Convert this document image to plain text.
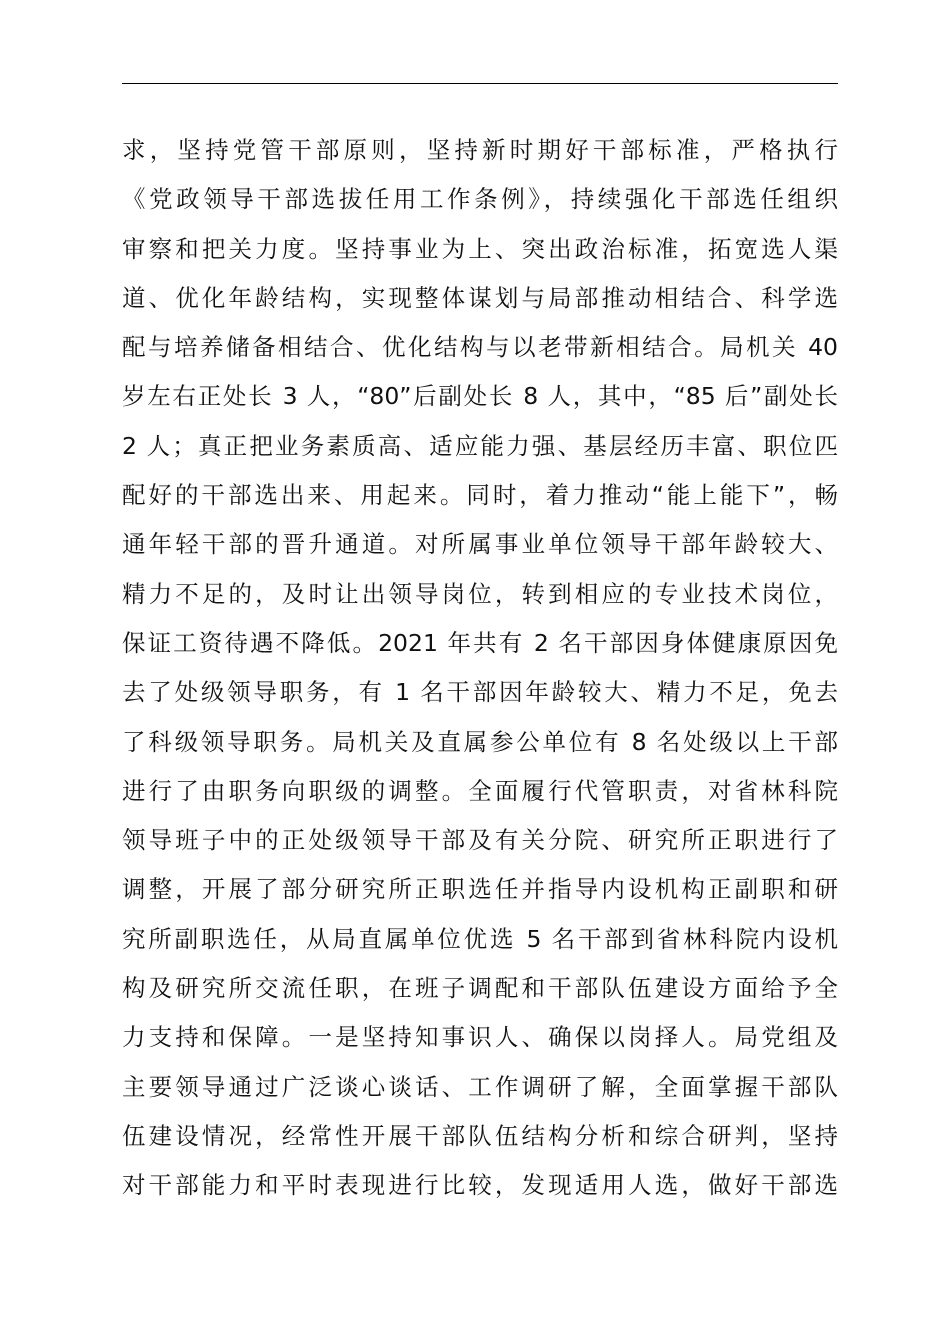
求，坚持党管干部原则，坚持新时期好干部标准，严格执行
《党政领导干部选拔任用工作条例》，持续强化干部选任组织
审察和把关力度。坚持事业为上、突出政治标准，拓宽选人渠
道、优化年龄结构，实现整体谋划与局部推动相结合、科学选
配与培养储备相结合、优化结构与以老带新相结合。局机关 40
岁左右正处长 3 人，“80”后副处长 8 人，其中，“85 后”副处长
2 人；真正把业务素质高、适应能力强、基层经历丰富、职位匹
配好的干部选出来、用起来。同时，着力推动“能上能下”，畅
通年轻干部的晋升通道。对所属事业单位领导干部年龄较大、
精力不足的，及时让出领导岗位，转到相应的专业技术岗位，
保证工资待遇不降低。2021 年共有 2 名干部因身体健康原因免
去了处级领导职务，有 1 名干部因年龄较大、精力不足，免去
了科级领导职务。局机关及直属参公单位有 8 名处级以上干部
进行了由职务向职级的调整。全面履行代管职责，对省林科院
领导班子中的正处级领导干部及有关分院、研究所正职进行了
调整，开展了部分研究所正职选任并指导内设机构正副职和研
究所副职选任，从局直属单位优选 5 名干部到省林科院内设机
构及研究所交流任职，在班子调配和干部队伍建设方面给予全
力支持和保障。一是坚持知事识人、确保以岗择人。局党组及
主要领导通过广泛谈心谈话、工作调研了解，全面掌握干部队
伍建设情况，经常性开展干部队伍结构分析和综合研判，坚持
对干部能力和平时表现进行比较，发现适用人选，做好干部选
